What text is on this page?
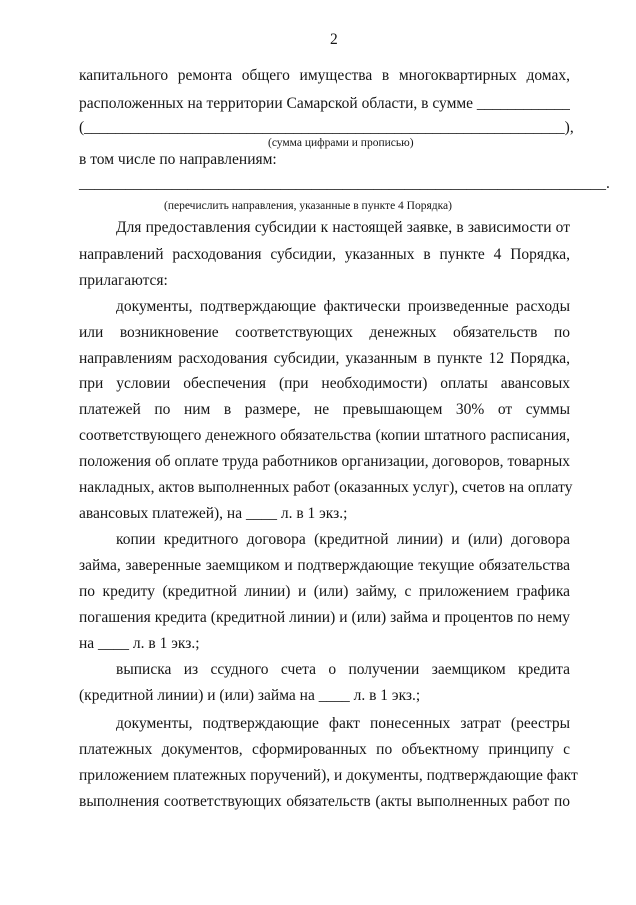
2
капитального ремонта общего имущества в многоквартирных домах,
расположенных на территории Самарской области, в сумме ____________
(______________________________________________________________),
(сумма цифрами и прописью)
в том числе по направлениям:
____________________________________________________________________.
(перечислить направления, указанные в пункте 4 Порядка)
Для предоставления субсидии к настоящей заявке, в зависимости от
направлений расходования субсидии, указанных в пункте 4 Порядка,
прилагаются:
документы, подтверждающие фактически произведенные расходы
или возникновение соответствующих денежных обязательств по
направлениям расходования субсидии, указанным в пункте 12 Порядка,
при условии обеспечения (при необходимости) оплаты авансовых
платежей по ним в размере, не превышающем 30% от суммы
соответствующего денежного обязательства (копии штатного расписания,
положения об оплате труда работников организации, договоров, товарных
накладных, актов выполненных работ (оказанных услуг), счетов на оплату
авансовых платежей), на ____ л. в 1 экз.;
копии кредитного договора (кредитной линии) и (или) договора
займа, заверенные заемщиком и подтверждающие текущие обязательства
по кредиту (кредитной линии) и (или) займу, с приложением графика
погашения кредита (кредитной линии) и (или) займа и процентов по нему
на ____ л. в 1 экз.;
выписка из ссудного счета о получении заемщиком кредита
(кредитной линии) и (или) займа на ____ л. в 1 экз.;
документы, подтверждающие факт понесенных затрат (реестры
платежных документов, сформированных по объектному принципу с
приложением платежных поручений), и документы, подтверждающие факт
выполнения соответствующих обязательств (акты выполненных работ по
